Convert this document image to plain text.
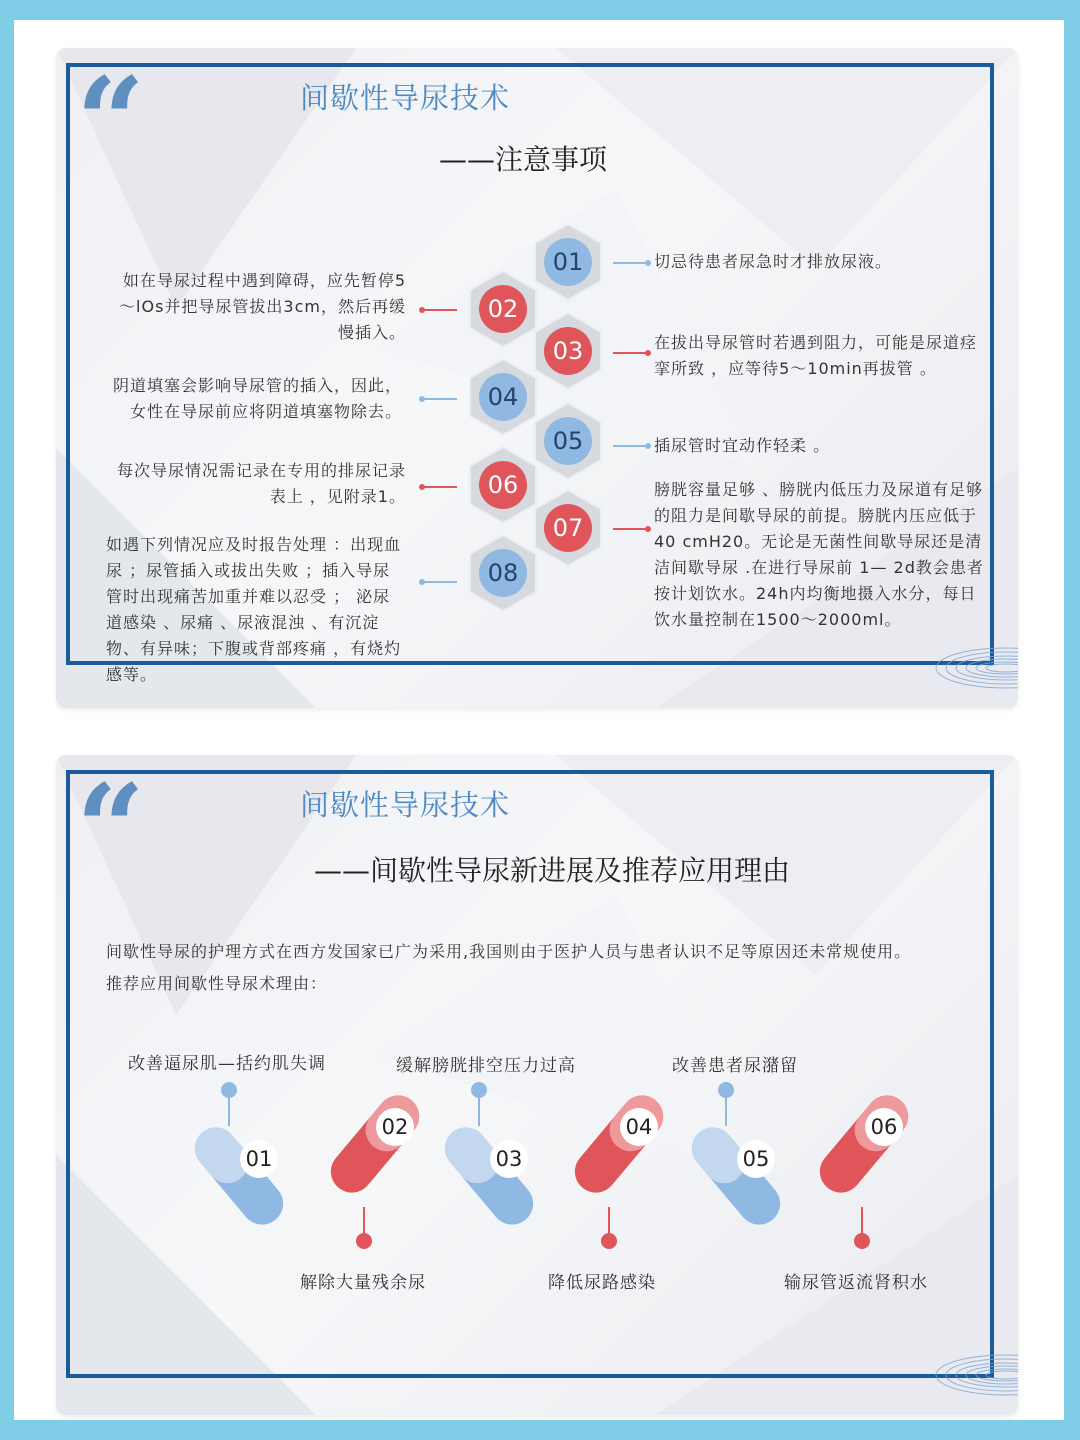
“	间歇性导尿技术
——注意事项
01
02
03
04
05
06
07
08
切忌待患者尿急时才排放尿液。
如在导尿过程中遇到障碍，应先暂停5～lOs并把导尿管拔出3cm，然后再缓慢插入。
在拔出导尿管时若遇到阻力，可能是尿道痉挛所致 ，应等待5～10min再拔管 。
阴道填塞会影响导尿管的插入，因此，女性在导尿前应将阴道填塞物除去。
插尿管时宜动作轻柔 。
每次导尿情况需记录在专用的排尿记录表上 ，见附录1。	膀胱容量足够 、膀胱内低压力及尿道有足够的阻力是间歇导尿的前提。膀胱内压应低于40 cmH20。无论是无菌性间歇导尿还是清洁间歇导尿 .在进行导尿前 1— 2d教会患者按计划饮水。24h内均衡地摄入水分，每日饮水量控制在1500～2000ml。
如遇下列情况应及时报告处理 ：出现血尿 ；尿管插入或拔出失败 ；插入导尿管时出现痛苦加重并难以忍受 ； 泌尿道感染 、尿痛 、尿液混浊 、有沉淀物、有异味；下腹或背部疼痛 ，有烧灼感等。
“	间歇性导尿技术
——间歇性导尿新进展及推荐应用理由
间歇性导尿的护理方式在西方发国家已广为采用,我国则由于医护人员与患者认识不足等原因还未常规使用。
推荐应用间歇性导尿术理由：
改善逼尿肌—括约肌失调	缓解膀胱排空压力过高	改善患者尿潴留
01
02
03
04
05
06
解除大量残余尿	降低尿路感染	输尿管返流肾积水
